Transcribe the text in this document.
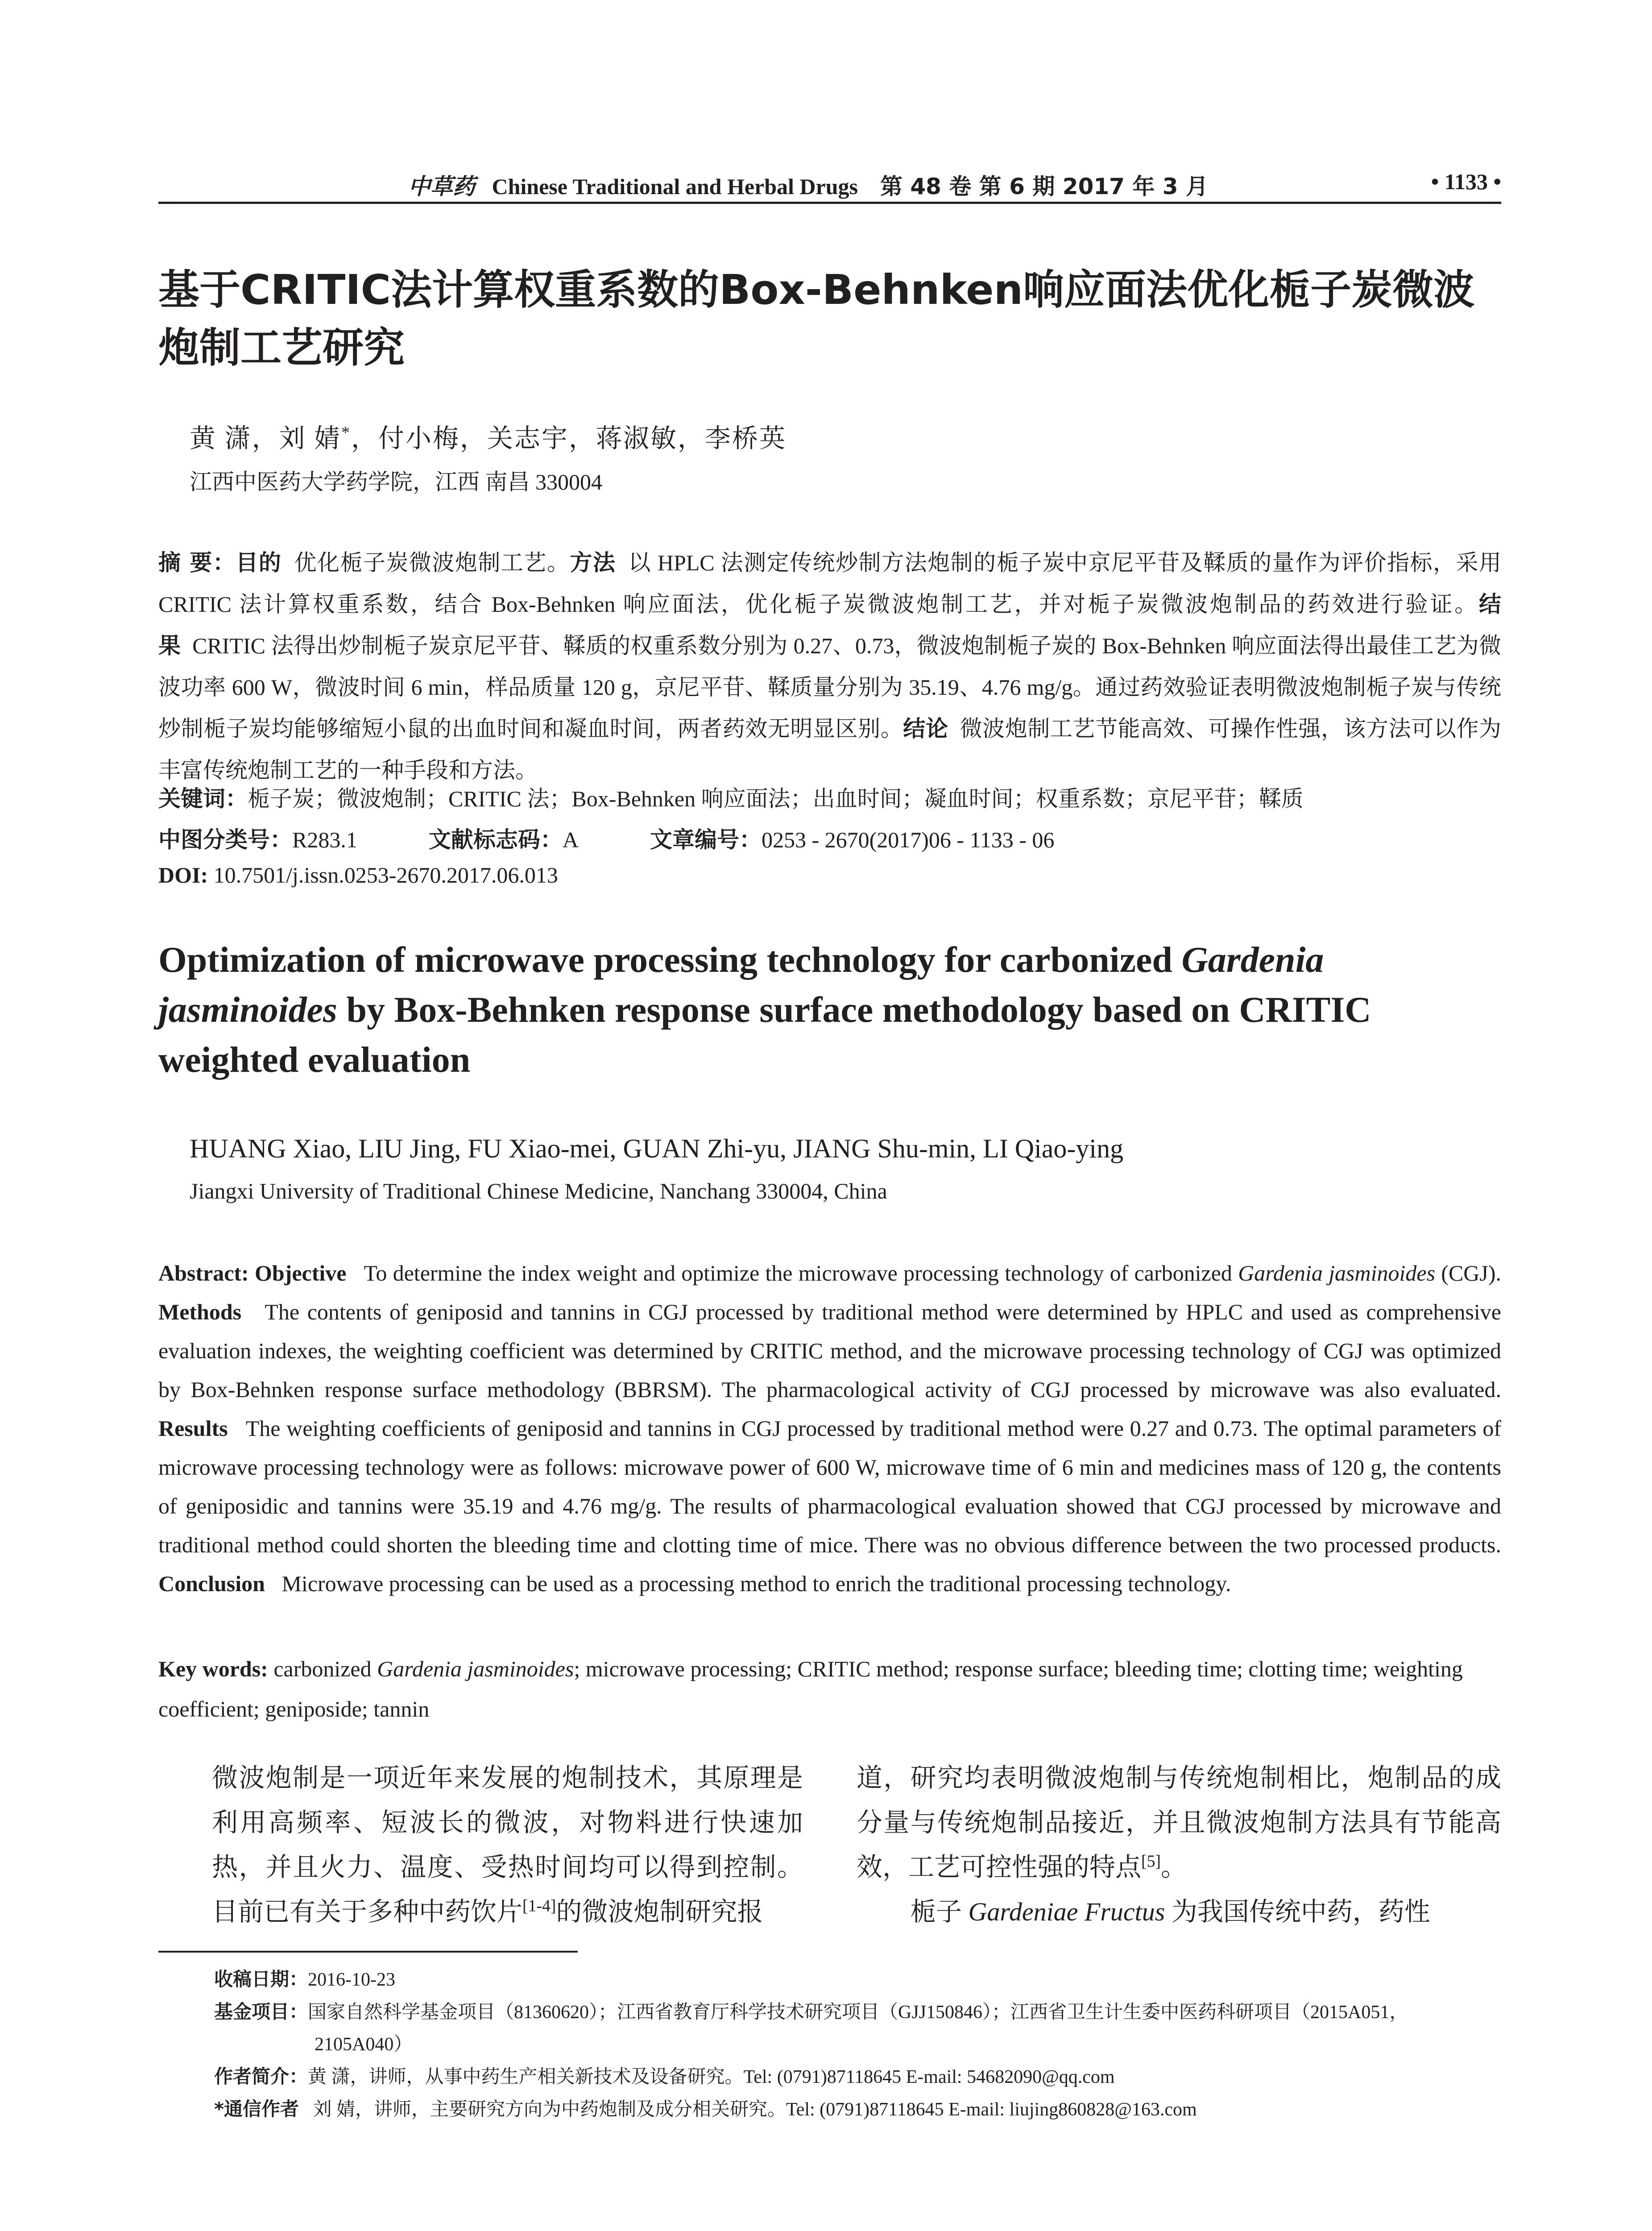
中草药 Chinese Traditional and Herbal Drugs 第 48 卷 第 6 期 2017 年 3 月	• 1133 •
基于CRITIC法计算权重系数的Box-Behnken响应面法优化栀子炭微波炮制工艺研究
黄 潇，刘 婧*，付小梅，关志宇，蒋淑敏，李桥英
江西中医药大学药学院，江西 南昌 330004
摘 要：目的 优化栀子炭微波炮制工艺。方法 以 HPLC 法测定传统炒制方法炮制的栀子炭中京尼平苷及鞣质的量作为评价指标，采用 CRITIC 法计算权重系数，结合 Box-Behnken 响应面法，优化栀子炭微波炮制工艺，并对栀子炭微波炮制品的药效进行验证。结果 CRITIC 法得出炒制栀子炭京尼平苷、鞣质的权重系数分别为 0.27、0.73，微波炮制栀子炭的 Box-Behnken 响应面法得出最佳工艺为微波功率 600 W，微波时间 6 min，样品质量 120 g，京尼平苷、鞣质量分别为 35.19、4.76 mg/g。通过药效验证表明微波炮制栀子炭与传统炒制栀子炭均能够缩短小鼠的出血时间和凝血时间，两者药效无明显区别。结论 微波炮制工艺节能高效、可操作性强，该方法可以作为丰富传统炮制工艺的一种手段和方法。
关键词：栀子炭；微波炮制；CRITIC 法；Box-Behnken 响应面法；出血时间；凝血时间；权重系数；京尼平苷；鞣质
中图分类号：R283.1	文献标志码：A	文章编号：0253 - 2670(2017)06 - 1133 - 06
DOI: 10.7501/j.issn.0253-2670.2017.06.013
Optimization of microwave processing technology for carbonized Gardenia jasminoides by Box-Behnken response surface methodology based on CRITIC weighted evaluation
HUANG Xiao, LIU Jing, FU Xiao-mei, GUAN Zhi-yu, JIANG Shu-min, LI Qiao-ying
Jiangxi University of Traditional Chinese Medicine, Nanchang 330004, China
Abstract: Objective To determine the index weight and optimize the microwave processing technology of carbonized Gardenia jasminoides (CGJ). Methods The contents of geniposid and tannins in CGJ processed by traditional method were determined by HPLC and used as comprehensive evaluation indexes, the weighting coefficient was determined by CRITIC method, and the microwave processing technology of CGJ was optimized by Box-Behnken response surface methodology (BBRSM). The pharmacological activity of CGJ processed by microwave was also evaluated. Results The weighting coefficients of geniposid and tannins in CGJ processed by traditional method were 0.27 and 0.73. The optimal parameters of microwave processing technology were as follows: microwave power of 600 W, microwave time of 6 min and medicines mass of 120 g, the contents of geniposidic and tannins were 35.19 and 4.76 mg/g. The results of pharmacological evaluation showed that CGJ processed by microwave and traditional method could shorten the bleeding time and clotting time of mice. There was no obvious difference between the two processed products. Conclusion Microwave processing can be used as a processing method to enrich the traditional processing technology.
Key words: carbonized Gardenia jasminoides; microwave processing; CRITIC method; response surface; bleeding time; clotting time; weighting coefficient; geniposide; tannin

微波炮制是一项近年来发展的炮制技术，其原理是利用高频率、短波长的微波，对物料进行快速加热，并且火力、温度、受热时间均可以得到控制。目前已有关于多种中药饮片[1-4]的微波炮制研究报

道，研究均表明微波炮制与传统炮制相比，炮制品的成分量与传统炮制品接近，并且微波炮制方法具有节能高效，工艺可控性强的特点[5]。

栀子 Gardeniae Fructus 为我国传统中药，药性

收稿日期：2016-10-23
基金项目：国家自然科学基金项目（81360620）；江西省教育厅科学技术研究项目（GJJ150846）；江西省卫生计生委中医药科研项目（2015A051，
2105A040）
作者简介：黄 潇，讲师，从事中药生产相关新技术及设备研究。Tel: (0791)87118645 E-mail: 54682090@qq.com
*通信作者 刘 婧，讲师，主要研究方向为中药炮制及成分相关研究。Tel: (0791)87118645 E-mail: liujing860828@163.com
